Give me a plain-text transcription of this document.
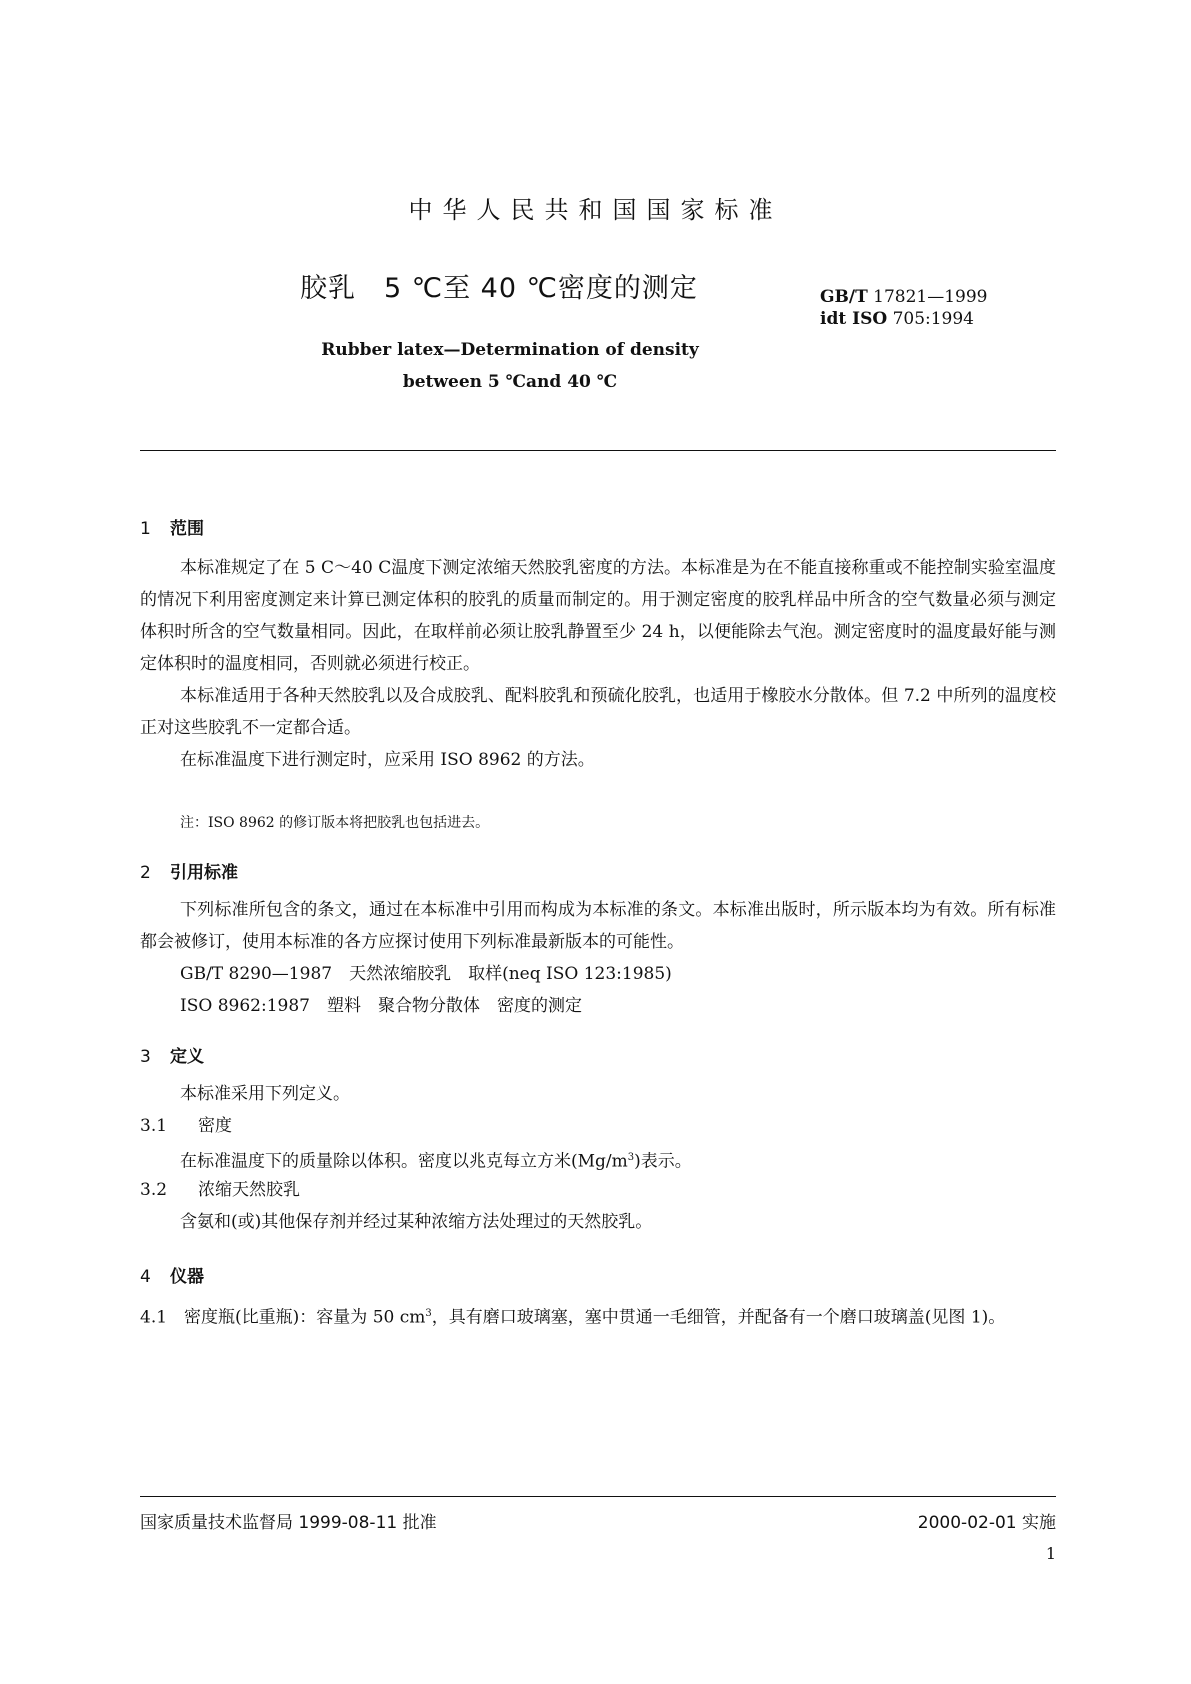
中华人民共和国国家标准
胶乳　5 ℃至 40 ℃密度的测定	GB/T 17821—1999
idt ISO 705:1994
Rubber latex—Determination of density
between 5 ℃and 40 ℃
1 范围

本标准规定了在 5 C～40 C温度下测定浓缩天然胶乳密度的方法。本标准是为在不能直接称重或不能控制实验室温度的情况下利用密度测定来计算已测定体积的胶乳的质量而制定的。用于测定密度的胶乳样品中所含的空气数量必须与测定体积时所含的空气数量相同。因此，在取样前必须让胶乳静置至少 24 h，以便能除去气泡。测定密度时的温度最好能与测定体积时的温度相同，否则就必须进行校正。

本标准适用于各种天然胶乳以及合成胶乳、配料胶乳和预硫化胶乳，也适用于橡胶水分散体。但 7.2 中所列的温度校正对这些胶乳不一定都合适。

在标准温度下进行测定时，应采用 ISO 8962 的方法。

注：ISO 8962 的修订版本将把胶乳也包括进去。
2 引用标准

下列标准所包含的条文，通过在本标准中引用而构成为本标准的条文。本标准出版时，所示版本均为有效。所有标准都会被修订，使用本标准的各方应探讨使用下列标准最新版本的可能性。

GB/T 8290—1987　天然浓缩胶乳　取样(neq ISO 123:1985)
ISO 8962:1987　塑料　聚合物分散体　密度的测定
3 定义
本标准采用下列定义。
3.1 密度
在标准温度下的质量除以体积。密度以兆克每立方米$(Mg/m^3)$表示。
3.2 浓缩天然胶乳
含氨和(或)其他保存剂并经过某种浓缩方法处理过的天然胶乳。
4 仪器
4.1　 密度瓶(比重瓶)：容量为 50 $cm^3$，具有磨口玻璃塞，塞中贯通一毛细管，并配备有一个磨口玻璃盖(见图 1)。
国家质量技术监督局 1999-08-11 批准	2000-02-01 实施
1
